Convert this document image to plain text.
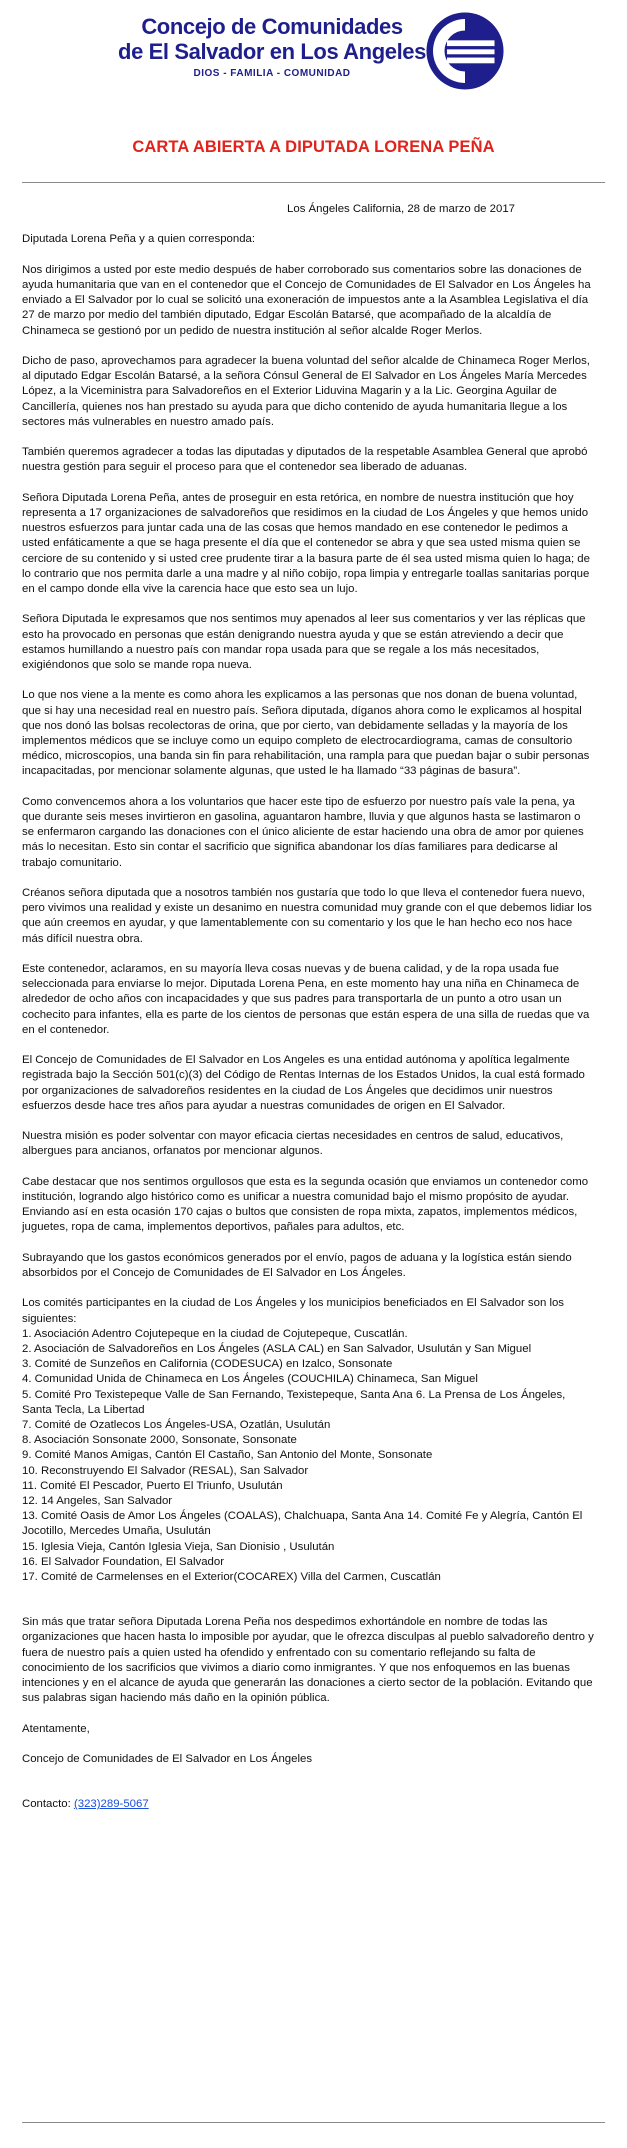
Concejo de Comunidades
de El Salvador en Los Angeles
DIOS - FAMILIA - COMUNIDAD
CARTA ABIERTA A DIPUTADA LORENA PEÑA

Los Ángeles California, 28 de marzo de 2017

Diputada Lorena Peña y a quien corresponda:

Nos dirigimos a usted por este medio después de haber corroborado sus comentarios sobre las donaciones de ayuda humanitaria que van en el contenedor que el Concejo de Comunidades de El Salvador en Los Ángeles ha enviado a El Salvador por lo cual se solicitó una exoneración de impuestos ante a la Asamblea Legislativa el día 27 de marzo por medio del también diputado, Edgar Escolán Batarsé, que acompañado de la alcaldía de Chinameca se gestionó por un pedido de nuestra institución al señor alcalde Roger Merlos.

Dicho de paso, aprovechamos para agradecer la buena voluntad del señor alcalde de Chinameca Roger Merlos, al diputado Edgar Escolán Batarsé, a la señora Cónsul General de El Salvador en Los Ángeles María Mercedes López, a la Viceministra para Salvadoreños en el Exterior Liduvina Magarin y a la Lic. Georgina Aguilar de Cancillería, quienes nos han prestado su ayuda para que dicho contenido de ayuda humanitaria llegue a los sectores más vulnerables en nuestro amado país.

También queremos agradecer a todas las diputadas y diputados de la respetable Asamblea General que aprobó nuestra gestión para seguir el proceso para que el contenedor sea liberado de aduanas.

Señora Diputada Lorena Peña, antes de proseguir en esta retórica, en nombre de nuestra institución que hoy representa a 17 organizaciones de salvadoreños que residimos en la ciudad de Los Ángeles y que hemos unido nuestros esfuerzos para juntar cada una de las cosas que hemos mandado en ese contenedor le pedimos a usted enfáticamente a que se haga presente el día que el contenedor se abra y que sea usted misma quien se cerciore de su contenido y si usted cree prudente tirar a la basura parte de él sea usted misma quien lo haga; de lo contrario que nos permita darle a una madre y al niño cobijo, ropa limpia y entregarle toallas sanitarias porque en el campo donde ella vive la carencia hace que esto sea un lujo.

Señora Diputada le expresamos que nos sentimos muy apenados al leer sus comentarios y ver las réplicas que esto ha provocado en personas que están denigrando nuestra ayuda y que se están atreviendo a decir que estamos humillando a nuestro país con mandar ropa usada para que se regale a los más necesitados, exigiéndonos que solo se mande ropa nueva.

Lo que nos viene a la mente es como ahora les explicamos a las personas que nos donan de buena voluntad, que si hay una necesidad real en nuestro país. Señora diputada, díganos ahora como le explicamos al hospital que nos donó las bolsas recolectoras de orina, que por cierto, van debidamente selladas y la mayoría de los implementos médicos que se incluye como un equipo completo de electrocardiograma, camas de consultorio médico, microscopios, una banda sin fin para rehabilitación, una rampla para que puedan bajar o subir personas incapacitadas, por mencionar solamente algunas, que usted le ha llamado “33 páginas de basura”.

Como convencemos ahora a los voluntarios que hacer este tipo de esfuerzo por nuestro país vale la pena, ya que durante seis meses invirtieron en gasolina, aguantaron hambre, lluvia y que algunos hasta se lastimaron o se enfermaron cargando las donaciones con el único aliciente de estar haciendo una obra de amor por quienes más lo necesitan. Esto sin contar el sacrificio que significa abandonar los días familiares para dedicarse al trabajo comunitario.

Créanos señora diputada que a nosotros también nos gustaría que todo lo que lleva el contenedor fuera nuevo, pero vivimos una realidad y existe un desanimo en nuestra comunidad muy grande con el que debemos lidiar los que aún creemos en ayudar, y que lamentablemente con su comentario y los que le han hecho eco nos hace más difícil nuestra obra.

Este contenedor, aclaramos, en su mayoría lleva cosas nuevas y de buena calidad, y de la ropa usada fue seleccionada para enviarse lo mejor. Diputada Lorena Pena, en este momento hay una niña en Chinameca de alrededor de ocho años con incapacidades y que sus padres para transportarla de un punto a otro usan un cochecito para infantes, ella es parte de los cientos de personas que están espera de una silla de ruedas que va en el contenedor.

El Concejo de Comunidades de El Salvador en Los Angeles es una entidad autónoma y apolítica legalmente registrada bajo la Sección 501(c)(3) del Código de Rentas Internas de los Estados Unidos, la cual está formado por organizaciones de salvadoreños residentes en la ciudad de Los Ángeles que decidimos unir nuestros esfuerzos desde hace tres años para ayudar a nuestras comunidades de origen en El Salvador.

Nuestra misión es poder solventar con mayor eficacia ciertas necesidades en centros de salud, educativos, albergues para ancianos, orfanatos por mencionar algunos.

Cabe destacar que nos sentimos orgullosos que esta es la segunda ocasión que enviamos un contenedor como institución, logrando algo histórico como es unificar a nuestra comunidad bajo el mismo propósito de ayudar. Enviando así en esta ocasión 170 cajas o bultos que consisten de ropa mixta, zapatos, implementos médicos, juguetes, ropa de cama, implementos deportivos, pañales para adultos, etc.

Subrayando que los gastos económicos generados por el envío, pagos de aduana y la logística están siendo absorbidos por el Concejo de Comunidades de El Salvador en Los Ángeles.

Los comités participantes en la ciudad de Los Ángeles y los municipios beneficiados en El Salvador son los siguientes:
1. Asociación Adentro Cojutepeque en la ciudad de Cojutepeque, Cuscatlán.
2. Asociación de Salvadoreños en Los Ángeles (ASLA CAL) en San Salvador, Usulután y San Miguel
3. Comité de Sunzeños en California (CODESUCA) en Izalco, Sonsonate
4. Comunidad Unida de Chinameca en Los Ángeles (COUCHILA) Chinameca, San Miguel
5. Comité Pro Texistepeque Valle de San Fernando, Texistepeque, Santa Ana 6. La Prensa de Los Ángeles, Santa Tecla, La Libertad
7. Comité de Ozatlecos Los Ángeles-USA, Ozatlán, Usulután
8. Asociación Sonsonate 2000, Sonsonate, Sonsonate
9. Comité Manos Amigas, Cantón El Castaño, San Antonio del Monte, Sonsonate
10. Reconstruyendo El Salvador (RESAL), San Salvador
11. Comité El Pescador, Puerto El Triunfo, Usulután
12. 14 Angeles, San Salvador
13. Comité Oasis de Amor Los Ángeles (COALAS), Chalchuapa, Santa Ana 14. Comité Fe y Alegría, Cantón El Jocotillo, Mercedes Umaña, Usulután
15. Iglesia Vieja, Cantón Iglesia Vieja, San Dionisio , Usulután
16. El Salvador Foundation, El Salvador
17. Comité de Carmelenses en el Exterior(COCAREX) Villa del Carmen, Cuscatlán

Sin más que tratar señora Diputada Lorena Peña nos despedimos exhortándole en nombre de todas las organizaciones que hacen hasta lo imposible por ayudar, que le ofrezca disculpas al pueblo salvadoreño dentro y fuera de nuestro país a quien usted ha ofendido y enfrentado con su comentario reflejando su falta de conocimiento de los sacrificios que vivimos a diario como inmigrantes. Y que nos enfoquemos en las buenas intenciones y en el alcance de ayuda que generarán las donaciones a cierto sector de la población. Evitando que sus palabras sigan haciendo más daño en la opinión pública.

Atentamente,

Concejo de Comunidades de El Salvador en Los Ángeles

Contacto: (323)289-5067
